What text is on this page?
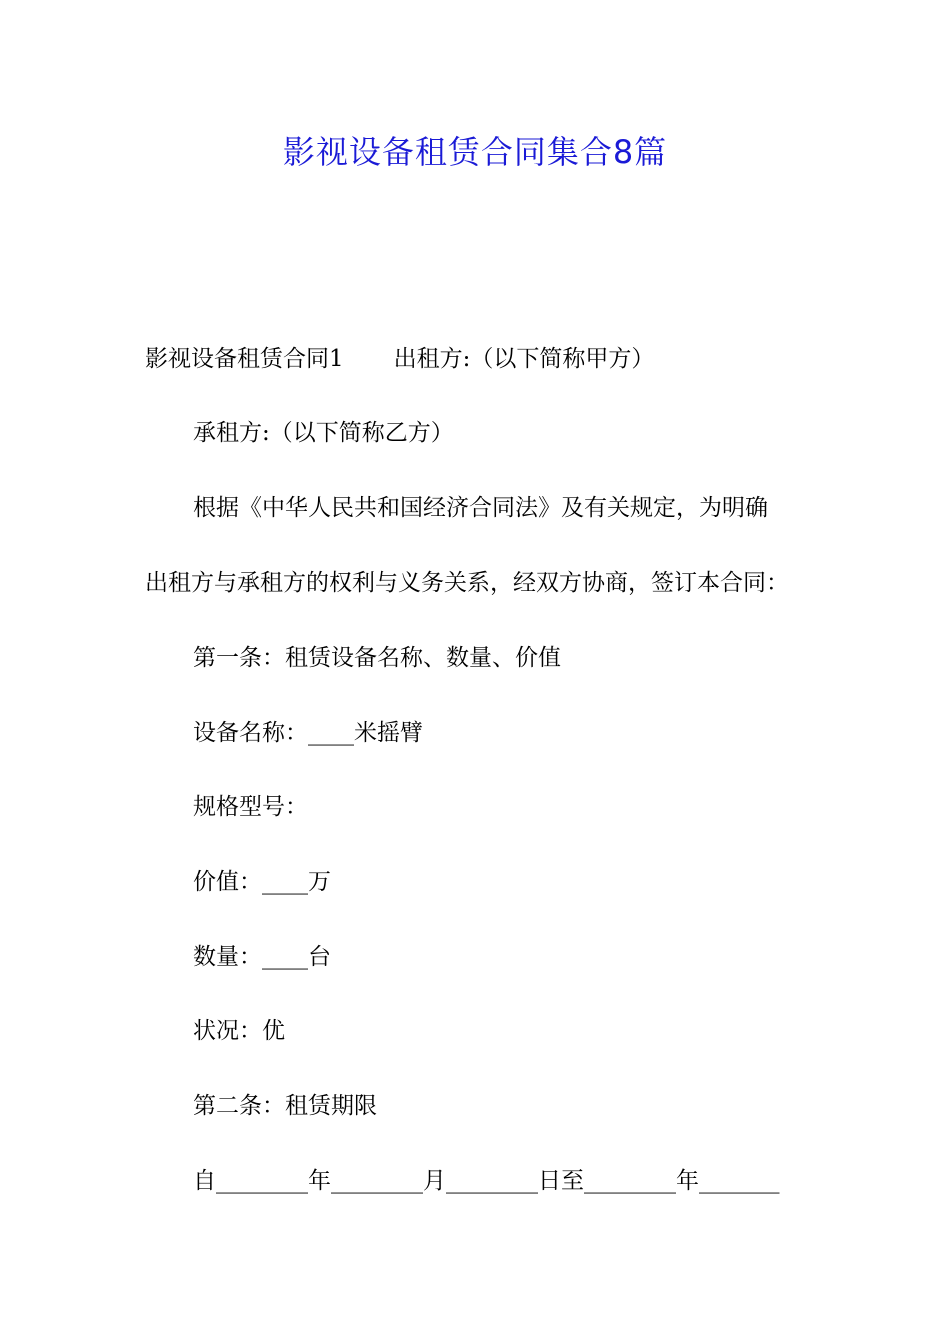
影视设备租赁合同集合8篇

影视设备租赁合同1 出租方:（以下简称甲方）

承租方:（以下简称乙方）

根据《中华人民共和国经济合同法》及有关规定，为明确

出租方与承租方的权利与义务关系，经双方协商，签订本合同：

第一条：租赁设备名称、数量、价值

设备名称：____米摇臂

规格型号：

价值：____万

数量：____台

状况：优

第二条：租赁期限

自________年________月________日至________年_______
